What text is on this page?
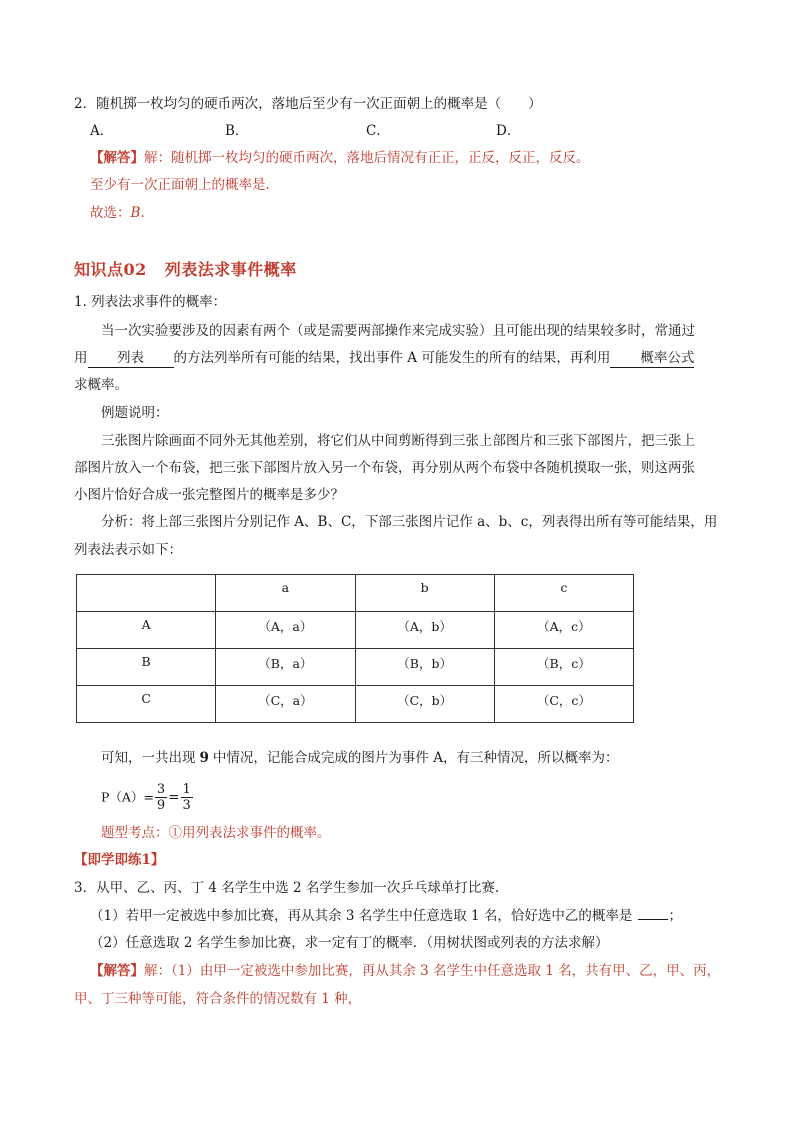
2．随机掷一枚均匀的硬币两次，落地后至少有一次正面朝上的概率是（　　）
A．	B．	C．	D．
【解答】解：随机掷一枚均匀的硬币两次，落地后情况有正正，正反，反正，反反。
至少有一次正面朝上的概率是.
故选：B.
知识点02 列表法求事件概率
1. 列表法求事件的概率：
当一次实验要涉及的因素有两个（或是需要两部操作来完成实验）且可能出现的结果较多时，常通过
用 列表 的方法列举所有可能的结果，找出事件 A 可能发生的所有的结果，再利用 概率公式
求概率。
例题说明：
三张图片除画面不同外无其他差别，将它们从中间剪断得到三张上部图片和三张下部图片，把三张上
部图片放入一个布袋，把三张下部图片放入另一个布袋，再分别从两个布袋中各随机摸取一张，则这两张
小图片恰好合成一张完整图片的概率是多少？
分析：将上部三张图片分别记作 A、B、C，下部三张图片记作 a、b、c，列表得出所有等可能结果，用
列表法表示如下：
	a	b	c
A	（A，a）	（A，b）	（A，c）
B	（B，a）	（B，b）	（B，c）
C	（C，a）	（C，b）	（C，c）
可知，一共出现 9 中情况，记能合成完成的图片为事件 A，有三种情况，所以概率为：
$P(A)= \frac{3}{9} = \frac{1}{3}$
题型考点：①用列表法求事件的概率。
【即学即练1】
3．从甲、乙、丙、丁 4 名学生中选 2 名学生参加一次乒乓球单打比赛.
（1）若甲一定被选中参加比赛，再从其余 3 名学生中任意选取 1 名，恰好选中乙的概率是	；
（2）任意选取 2 名学生参加比赛，求一定有丁的概率．（用树状图或列表的方法求解）
【解答】解：（1）由甲一定被选中参加比赛，再从其余 3 名学生中任意选取 1 名，共有甲、乙，甲、丙，
甲、丁三种等可能，符合条件的情况数有 1 种，
